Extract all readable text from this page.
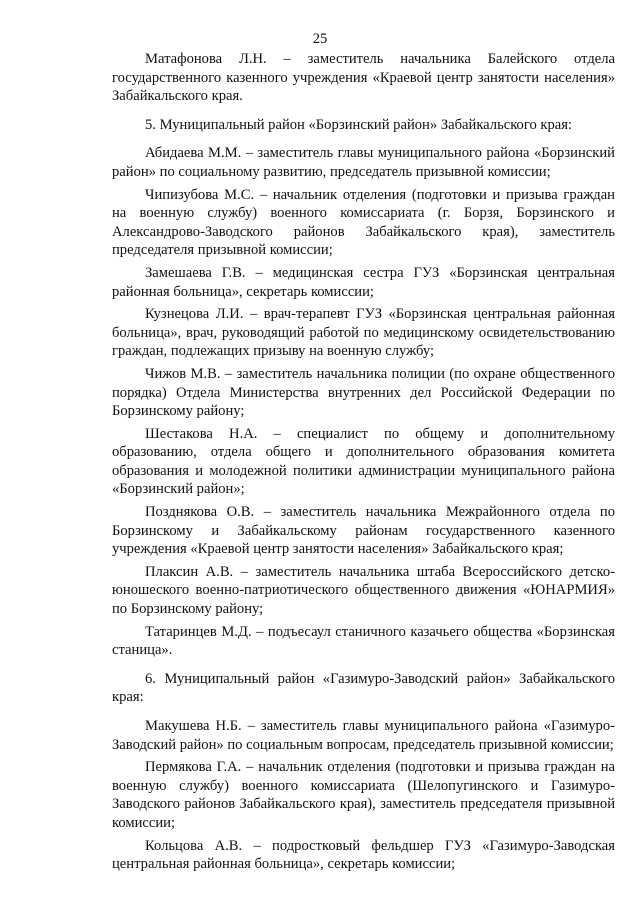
25

Матафонова Л.Н. – заместитель начальника Балейского отдела государственного казенного учреждения «Краевой центр занятости населения» Забайкальского края.

5. Муниципальный район «Борзинский район» Забайкальского края:

Абидаева М.М. – заместитель главы муниципального района «Борзинский район» по социальному развитию, председатель призывной комиссии;

Чипизубова М.С. – начальник отделения (подготовки и призыва граждан на военную службу) военного комиссариата (г. Борзя, Борзинского и Александрово-Заводского районов Забайкальского края), заместитель председателя призывной комиссии;

Замешаева Г.В. – медицинская сестра ГУЗ «Борзинская центральная районная больница», секретарь комиссии;

Кузнецова Л.И. – врач-терапевт ГУЗ «Борзинская центральная районная больница», врач, руководящий работой по медицинскому освидетельствованию граждан, подлежащих призыву на военную службу;

Чижов М.В. – заместитель начальника полиции (по охране общественного порядка) Отдела Министерства внутренних дел Российской Федерации по Борзинскому району;

Шестакова Н.А. – специалист по общему и дополнительному образованию, отдела общего и дополнительного образования комитета образования и молодежной политики администрации муниципального района «Борзинский район»;

Позднякова О.В. – заместитель начальника Межрайонного отдела по Борзинскому и Забайкальскому районам государственного казенного учреждения «Краевой центр занятости населения» Забайкальского края;

Плаксин А.В. – заместитель начальника штаба Всероссийского детско-юношеского военно-патриотического общественного движения «ЮНАРМИЯ» по Борзинскому району;

Татаринцев М.Д. – подъесаул станичного казачьего общества «Борзинская станица».

6. Муниципальный район «Газимуро-Заводский район» Забайкальского края:

Макушева Н.Б. – заместитель главы муниципального района «Газимуро-Заводский район» по социальным вопросам, председатель призывной комиссии;

Пермякова Г.А. – начальник отделения (подготовки и призыва граждан на военную службу) военного комиссариата (Шелопугинского и Газимуро-Заводского районов Забайкальского края), заместитель председателя призывной комиссии;

Кольцова А.В. – подростковый фельдшер ГУЗ «Газимуро-Заводская центральная районная больница», секретарь комиссии;
